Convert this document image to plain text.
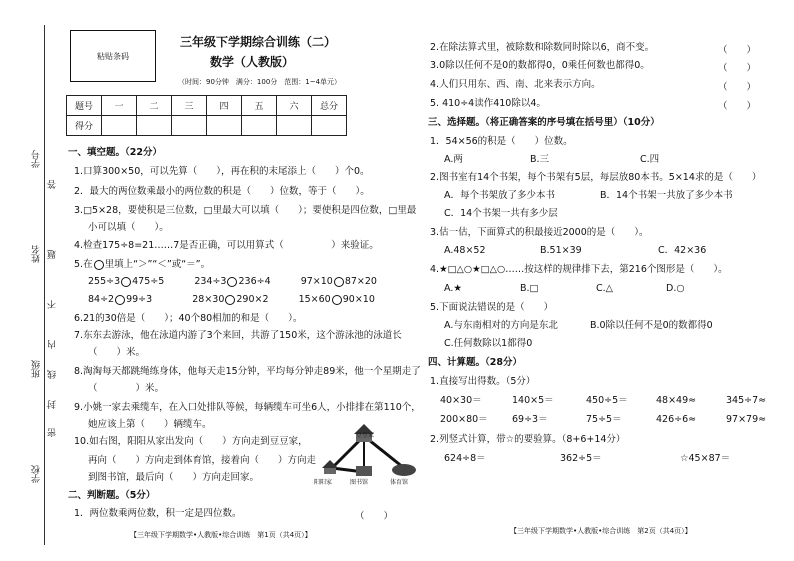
学号
答
姓名 题
不
内
班级 线
封
密
学校
粘贴条码
三年级下学期综合训练（二）
数学（人教版）
（时间：90分钟　满分：100分　范围：1~4单元）
题号	一	二	三	四	五	六	总分
得分							
一、填空题。（22分）
1.口算300×50，可以先算（　　），再在积的末尾添上（　　）个0。
2．最大的两位数乘最小的两位数的积是（　　）位数，等于（　　）。
3.□5×28，要使积是三位数，□里最大可以填（　　）；要使积是四位数，□里最
小可以填（　　）。
4.检查175÷8=21……7是否正确，可以用算式（　　　　　）来验证。
5.在 里填上“＞”“＜”或“＝”。
255÷3 475÷5	234÷3 236÷4	97×10 87×20
84÷2 99÷3	28×30 290×2	15×60 90×10
6.21的30倍是（　　）；40个80相加的和是（　　）。
7.东东去游泳，他在泳道内游了3个来回，共游了150米，这个游泳池的泳道长
（　　）米。
8.淘淘每天都跳绳练身体，他每天走15分钟，平均每分钟走89米，他一个星期走了
（　　　　）米。
9.小姚一家去乘缆车，在入口处排队等候，每辆缆车可坐6人，小排排在第110个，
她应该上第（　　）辆缆车。
10.如右图，阳阳从家出发向（　　）方向走到豆豆家，
再向（　　）方向走到体育馆，接着向（　　）方向走
到图书馆，最后向（　　）方向走回家。
豆豆家
阳阳家	图书馆	体育馆
二、判断题。（5分）
1．两位数乘两位数，积一定是四位数。	（　　）
【三年级下学期数学•人教版•综合训练　第1页（共4页）】
2.在除法算式里，被除数和除数同时除以6，商不变。	（　　）
3.0除以任何不是0的数都得0，0乘任何数也都得0。	（　　）
4.人们只用东、西、南、北来表示方向。	（　　）
5. 410÷4读作410除以4。	（　　）
三、选择题。（将正确答案的序号填在括号里）（10分）
1．54×56的积是（　　）位数。
A.两	B.三	C.四
2.图书室有14个书架，每个书架有5层，每层放80本书。5×14求的是（　　）
A．每个书架放了多少本书	B．14个书架一共放了多少本书
C．14个书架一共有多少层
3.估一估，下面算式的积最接近2000的是（　　）。
A.48×52	B.51×39	C．42×36
4.★□△○★□△○……按这样的规律排下去，第216个图形是（　　）。
A.★	B.□	C.△	D.○
5.下面说法错误的是（　　）
A.与东南相对的方向是东北	B.0除以任何不是0的数都得0
C.任何数除以1都得0
四、计算题。（28分）
1.直接写出得数。（5分）
40×30＝	140×5＝	450÷5＝	48×49≈	345÷7≈
200×80＝	69÷3＝	75÷5＝	426÷6≈	97×79≈
2.列竖式计算，带☆的要验算。（8+6+14分）
624÷8＝	362÷5＝	☆45×87＝
【三年级下学期数学•人教版•综合训练　第2页（共4页）】
